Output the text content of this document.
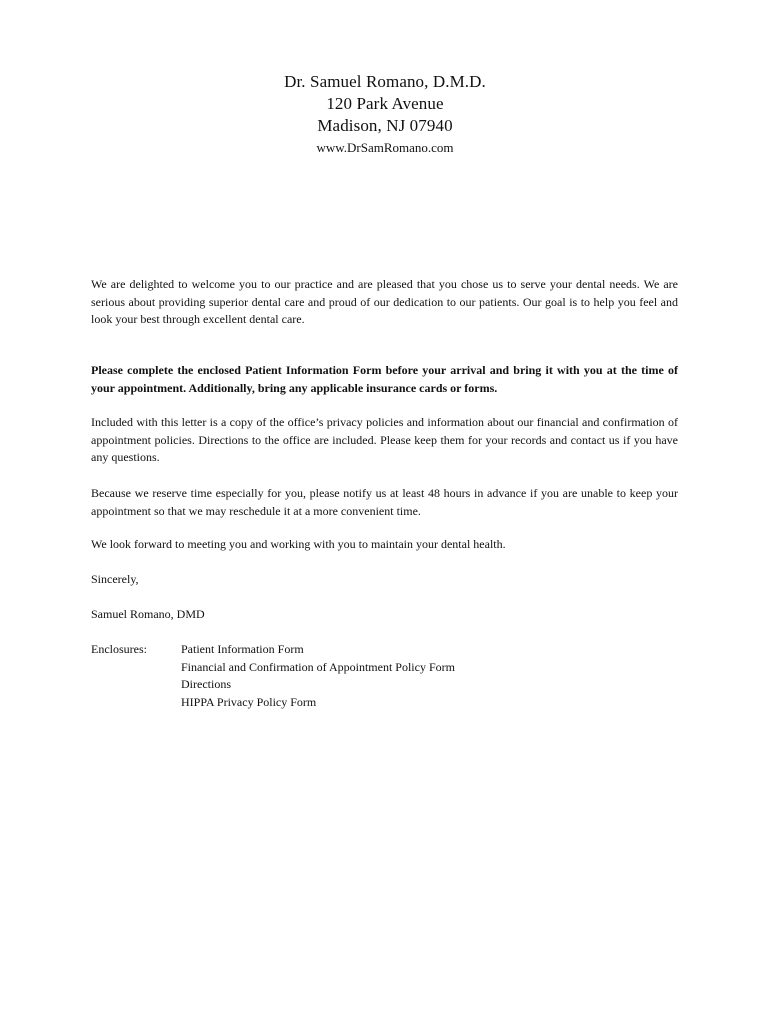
Dr. Samuel Romano, D.M.D.
120 Park Avenue
Madison, NJ 07940
www.DrSamRomano.com
We are delighted to welcome you to our practice and are pleased that you chose us to serve your dental needs. We are serious about providing superior dental care and proud of our dedication to our patients. Our goal is to help you feel and look your best through excellent dental care.
Please complete the enclosed Patient Information Form before your arrival and bring it with you at the time of your appointment. Additionally, bring any applicable insurance cards or forms.
Included with this letter is a copy of the office’s privacy policies and information about our financial and confirmation of appointment policies. Directions to the office are included. Please keep them for your records and contact us if you have any questions.
Because we reserve time especially for you, please notify us at least 48 hours in advance if you are unable to keep your appointment so that we may reschedule it at a more convenient time.
We look forward to meeting you and working with you to maintain your dental health.
Sincerely,
Samuel Romano, DMD
Enclosures:	Patient Information Form
Financial and Confirmation of Appointment Policy Form
Directions
HIPPA Privacy Policy Form
